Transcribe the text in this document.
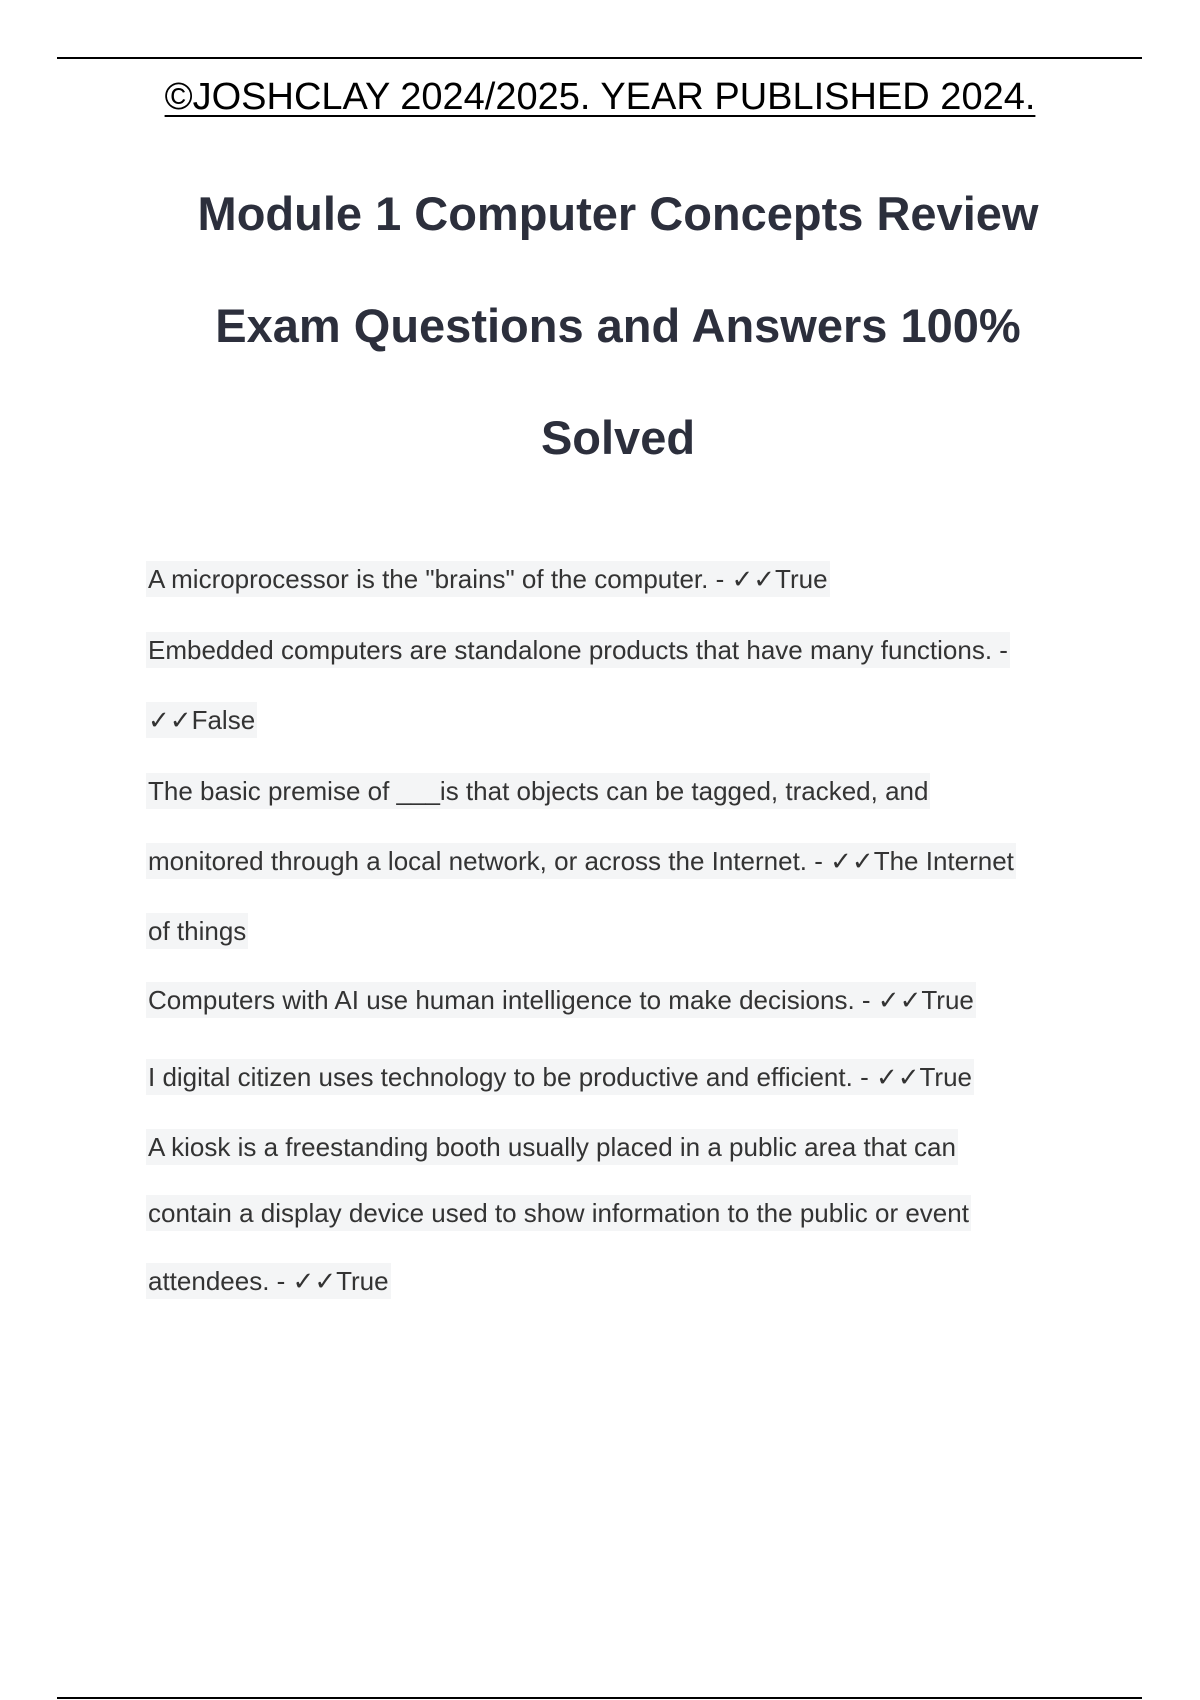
©JOSHCLAY 2024/2025. YEAR PUBLISHED 2024.
Module 1 Computer Concepts Review
Exam Questions and Answers 100%
Solved
A microprocessor is the "brains" of the computer. - ✓✓True
Embedded computers are standalone products that have many functions. -
✓✓False
The basic premise of ___is that objects can be tagged, tracked, and
monitored through a local network, or across the Internet. - ✓✓The Internet
of things
Computers with AI use human intelligence to make decisions. - ✓✓True
I digital citizen uses technology to be productive and efficient. - ✓✓True
A kiosk is a freestanding booth usually placed in a public area that can
contain a display device used to show information to the public or event
attendees. - ✓✓True
